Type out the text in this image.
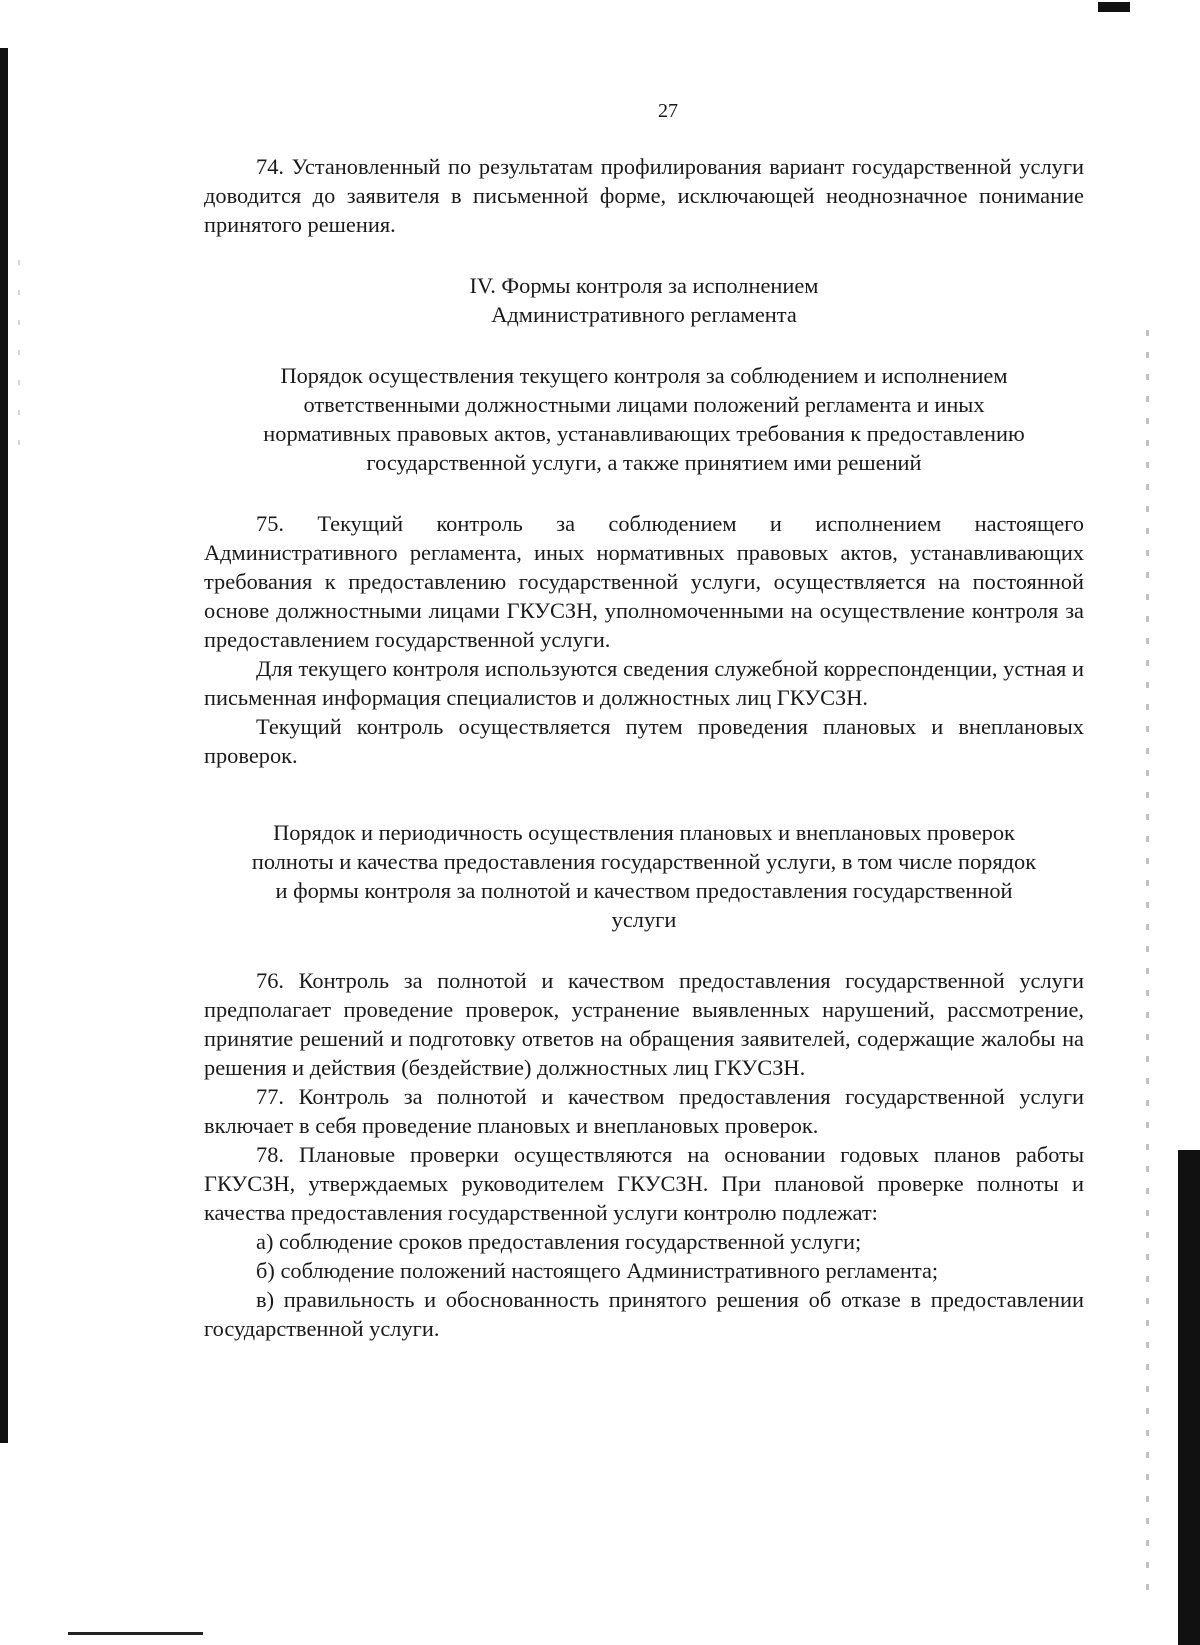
27

74. Установленный по результатам профилирования вариант государственной услуги доводится до заявителя в письменной форме, исключающей неоднозначное понимание принятого решения.

IV. Формы контроля за исполнением
Административного регламента

Порядок осуществления текущего контроля за соблюдением и исполнением ответственными должностными лицами положений регламента и иных нормативных правовых актов, устанавливающих требования к предоставлению государственной услуги, а также принятием ими решений

75. Текущий контроль за соблюдением и исполнением настоящего Административного регламента, иных нормативных правовых актов, устанавливающих требования к предоставлению государственной услуги, осуществляется на постоянной основе должностными лицами ГКУСЗН, уполномоченными на осуществление контроля за предоставлением государственной услуги.

Для текущего контроля используются сведения служебной корреспонденции, устная и письменная информация специалистов и должностных лиц ГКУСЗН.

Текущий контроль осуществляется путем проведения плановых и внеплановых проверок.

Порядок и периодичность осуществления плановых и внеплановых проверок полноты и качества предоставления государственной услуги, в том числе порядок и формы контроля за полнотой и качеством предоставления государственной услуги

76. Контроль за полнотой и качеством предоставления государственной услуги предполагает проведение проверок, устранение выявленных нарушений, рассмотрение, принятие решений и подготовку ответов на обращения заявителей, содержащие жалобы на решения и действия (бездействие) должностных лиц ГКУСЗН.

77. Контроль за полнотой и качеством предоставления государственной услуги включает в себя проведение плановых и внеплановых проверок.

78. Плановые проверки осуществляются на основании годовых планов работы ГКУСЗН, утверждаемых руководителем ГКУСЗН. При плановой проверке полноты и качества предоставления государственной услуги контролю подлежат:

а) соблюдение сроков предоставления государственной услуги;

б) соблюдение положений настоящего Административного регламента;

в) правильность и обоснованность принятого решения об отказе в предоставлении государственной услуги.
